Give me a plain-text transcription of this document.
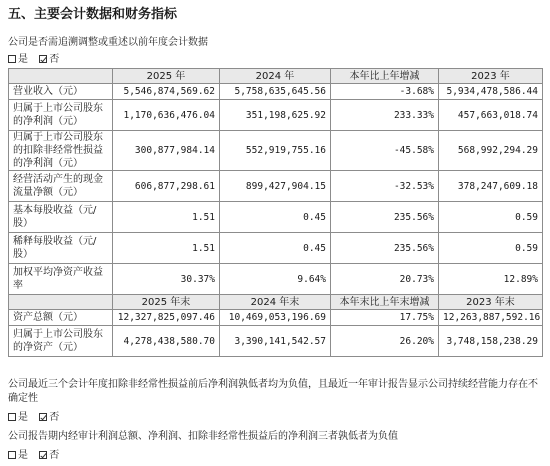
五、主要会计数据和财务指标
公司是否需追溯调整或重述以前年度会计数据
是 否
	2025 年	2024 年	本年比上年增减	2023 年
营业收入（元）	5,546,874,569.62	5,758,635,645.56	-3.68%	5,934,478,586.44
归属于上市公司股东的净利润（元）	1,170,636,476.04	351,198,625.92	233.33%	457,663,018.74
归属于上市公司股东的扣除非经常性损益的净利润（元）	300,877,984.14	552,919,755.16	-45.58%	568,992,294.29
经营活动产生的现金流量净额（元）	606,877,298.61	899,427,904.15	-32.53%	378,247,609.18
基本每股收益（元/股）	1.51	0.45	235.56%	0.59
稀释每股收益（元/股）	1.51	0.45	235.56%	0.59
加权平均净资产收益率	30.37%	9.64%	20.73%	12.89%
	2025 年末	2024 年末	本年末比上年末增减	2023 年末
资产总额（元）	12,327,825,097.46	10,469,053,196.69	17.75%	12,263,887,592.16
归属于上市公司股东的净资产（元）	4,278,438,580.70	3,390,141,542.57	26.20%	3,748,158,238.29
公司最近三个会计年度扣除非经常性损益前后净利润孰低者均为负值，且最近一年审计报告显示公司持续经营能力存在不确定性
是 否
公司报告期内经审计利润总额、净利润、扣除非经常性损益后的净利润三者孰低者为负值
是 否
